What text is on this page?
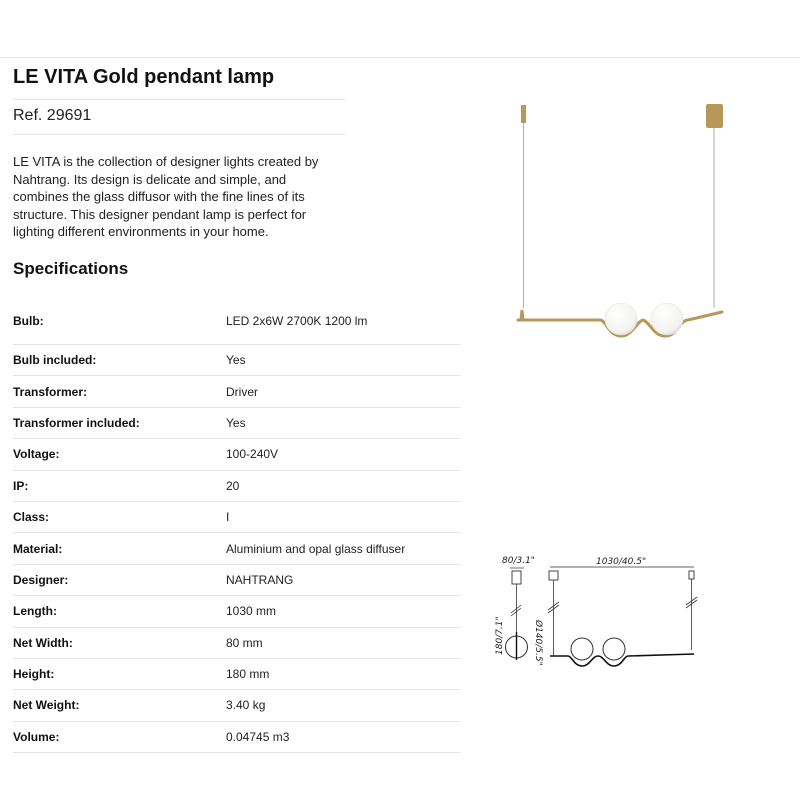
LE VITA Gold pendant lamp
Ref. 29691
LE VITA is the collection of designer lights created by Nahtrang. Its design is delicate and simple, and combines the glass diffusor with the fine lines of its structure. This designer pendant lamp is perfect for lighting different environments in your home.
Specifications
Bulb:	LED 2x6W 2700K 1200 lm
Bulb included:	Yes
Transformer:	Driver
Transformer included:	Yes
Voltage:	100-240V
IP:	20
Class:	I
Material:	Aluminium and opal glass diffuser
Designer:	NAHTRANG
Length:	1030 mm
Net Width:	80 mm
Height:	180 mm
Net Weight:	3.40 kg
Volume:	0.04745 m3
80/3.1"
180/7.1"	Ø140/5.5"
1030/40.5"
